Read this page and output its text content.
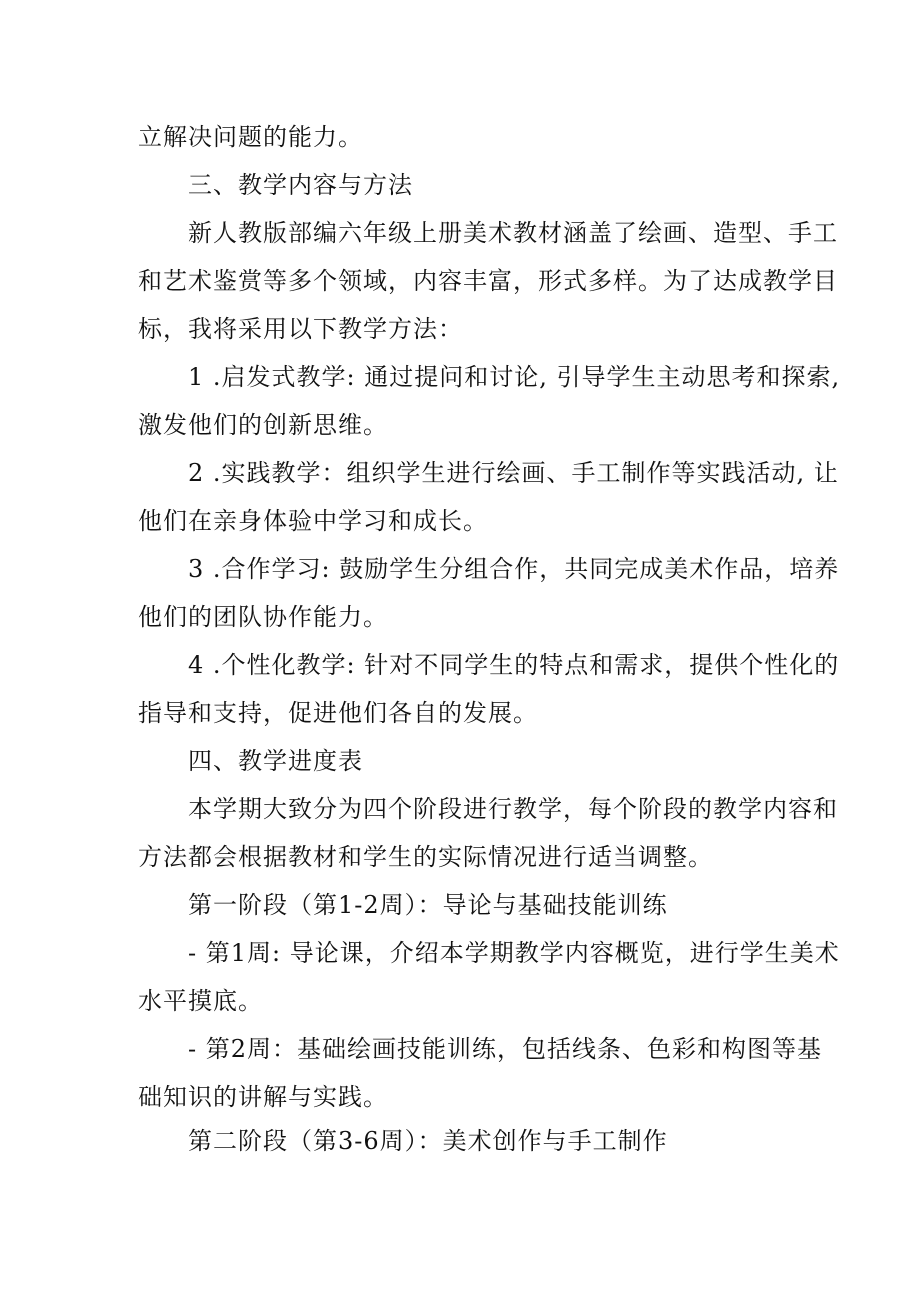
立解决问题的能力。
三、教学内容与方法
新人教版部编六年级上册美术教材涵盖了绘画、造型、手工
和艺术鉴赏等多个领域，内容丰富，形式多样。为了达成教学目
标，我将采用以下教学方法：
1 .启发式教学: 通过提问和讨论, 引导学生主动思考和探索,
激发他们的创新思维。
2 .实践教学：组织学生进行绘画、手工制作等实践活动, 让
他们在亲身体验中学习和成长。
3 .合作学习: 鼓励学生分组合作，共同完成美术作品，培养
他们的团队协作能力。
4 .个性化教学: 针对不同学生的特点和需求，提供个性化的
指导和支持，促进他们各自的发展。
四、教学进度表
本学期大致分为四个阶段进行教学，每个阶段的教学内容和
方法都会根据教材和学生的实际情况进行适当调整。
第一阶段（第1-2周）：导论与基础技能训练
- 第1周: 导论课，介绍本学期教学内容概览，进行学生美术
水平摸底。
- 第2周：基础绘画技能训练，包括线条、色彩和构图等基
础知识的讲解与实践。
第二阶段（第3-6周）：美术创作与手工制作
